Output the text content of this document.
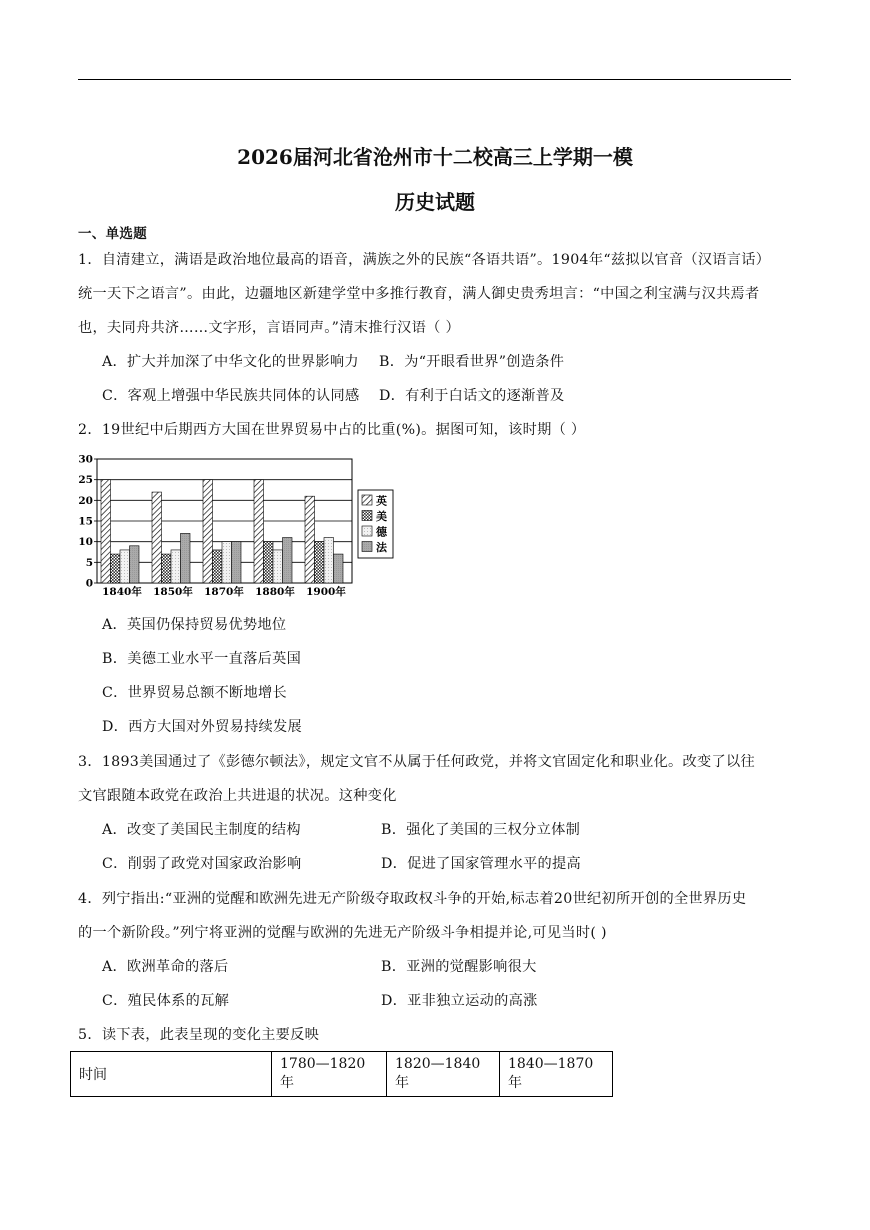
2026届河北省沧州市十二校高三上学期一模
历史试题
一、单选题
1．自清建立，满语是政治地位最高的语音，满族之外的民族“各语共语”。1904年“兹拟以官音（汉语言话）
统一天下之语言”。由此，边疆地区新建学堂中多推行教育，满人御史贵秀坦言：“中国之利宝满与汉共焉者
也，夫同舟共济……文字形，言语同声。”清末推行汉语（ ）
A．扩大并加深了中华文化的世界影响力 B．为“开眼看世界”创造条件
C．客观上增强中华民族共同体的认同感 D．有利于白话文的逐渐普及
2．19世纪中后期西方大国在世界贸易中占的比重(%)。据图可知，该时期（ ）
0
5
10
15
20
25
30
1840年 1850年 1870年 1880年 1900年
英
美
德
法
A．英国仍保持贸易优势地位
B．美德工业水平一直落后英国
C．世界贸易总额不断地增长
D．西方大国对外贸易持续发展
3．1893美国通过了《彭德尔顿法》，规定文官不从属于任何政党，并将文官固定化和职业化。改变了以往
文官跟随本政党在政治上共进退的状况。这种变化
A．改变了美国民主制度的结构	B．强化了美国的三权分立体制
C．削弱了政党对国家政治影响	D．促进了国家管理水平的提高
4．列宁指出:“亚洲的觉醒和欧洲先进无产阶级夺取政权斗争的开始,标志着20世纪初所开创的全世界历史
的一个新阶段。”列宁将亚洲的觉醒与欧洲的先进无产阶级斗争相提并论,可见当时( )
A．欧洲革命的落后	B．亚洲的觉醒影响很大
C．殖民体系的瓦解	D．亚非独立运动的高涨
5．读下表，此表呈现的变化主要反映
时间	1780—1820年	1820—1840年	1840—1870年
